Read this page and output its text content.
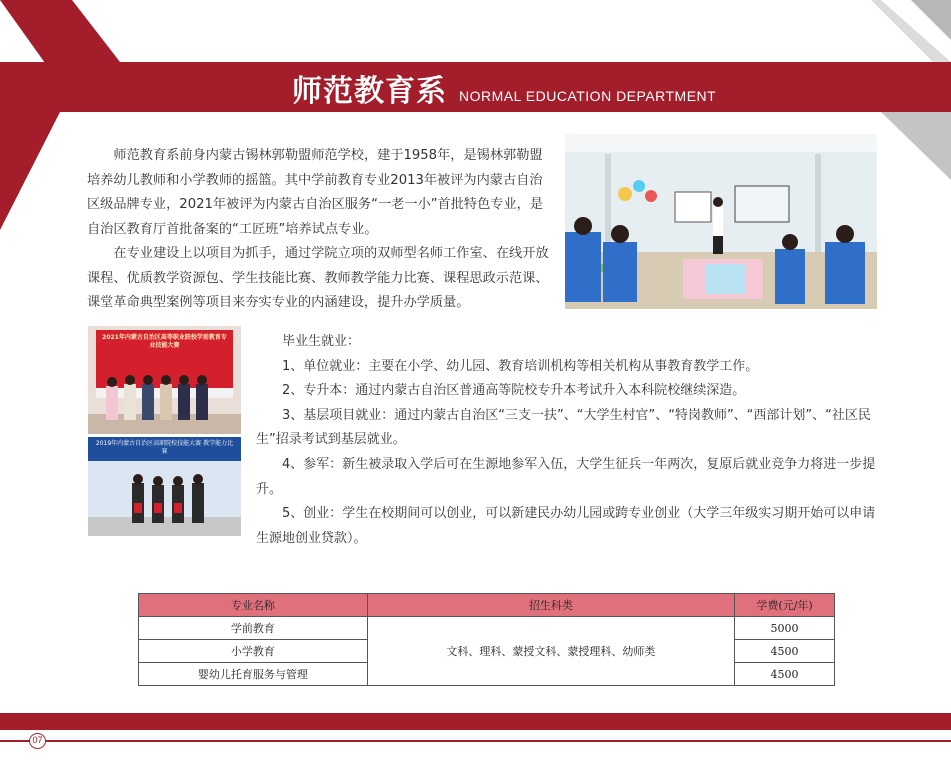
师范教育系 NORMAL EDUCATION DEPARTMENT

师范教育系前身内蒙古锡林郭勒盟师范学校，建于1958年，是锡林郭勒盟培养幼儿教师和小学教师的摇篮。其中学前教育专业2013年被评为内蒙古自治区级品牌专业，2021年被评为内蒙古自治区服务“一老一小”首批特色专业，是自治区教育厅首批备案的“工匠班”培养试点专业。

在专业建设上以项目为抓手，通过学院立项的双师型名师工作室、在线开放课程、优质教学资源包、学生技能比赛、教师教学能力比赛、课程思政示范课、课堂革命典型案例等项目来夯实专业的内涵建设，提升办学质量。

2021年内蒙古自治区高等职业院校学前教育专业技能大赛
2019年内蒙古自治区高职院校技能大赛 教学能力比赛

毕业生就业：

1、单位就业：主要在小学、幼儿园、教育培训机构等相关机构从事教育教学工作。

2、专升本：通过内蒙古自治区普通高等院校专升本考试升入本科院校继续深造。

3、基层项目就业：通过内蒙古自治区“三支一扶”、“大学生村官”、“特岗教师”、“西部计划”、“社区民生”招录考试到基层就业。

4、参军：新生被录取入学后可在生源地参军入伍，大学生征兵一年两次，复原后就业竞争力将进一步提升。

5、创业：学生在校期间可以创业，可以新建民办幼儿园或跨专业创业（大学三年级实习期开始可以申请生源地创业贷款）。

专业名称	招生科类	学费(元/年)
学前教育	文科、理科、蒙授文科、蒙授理科、幼师类	5000
小学教育		4500
婴幼儿托育服务与管理		4500
07
